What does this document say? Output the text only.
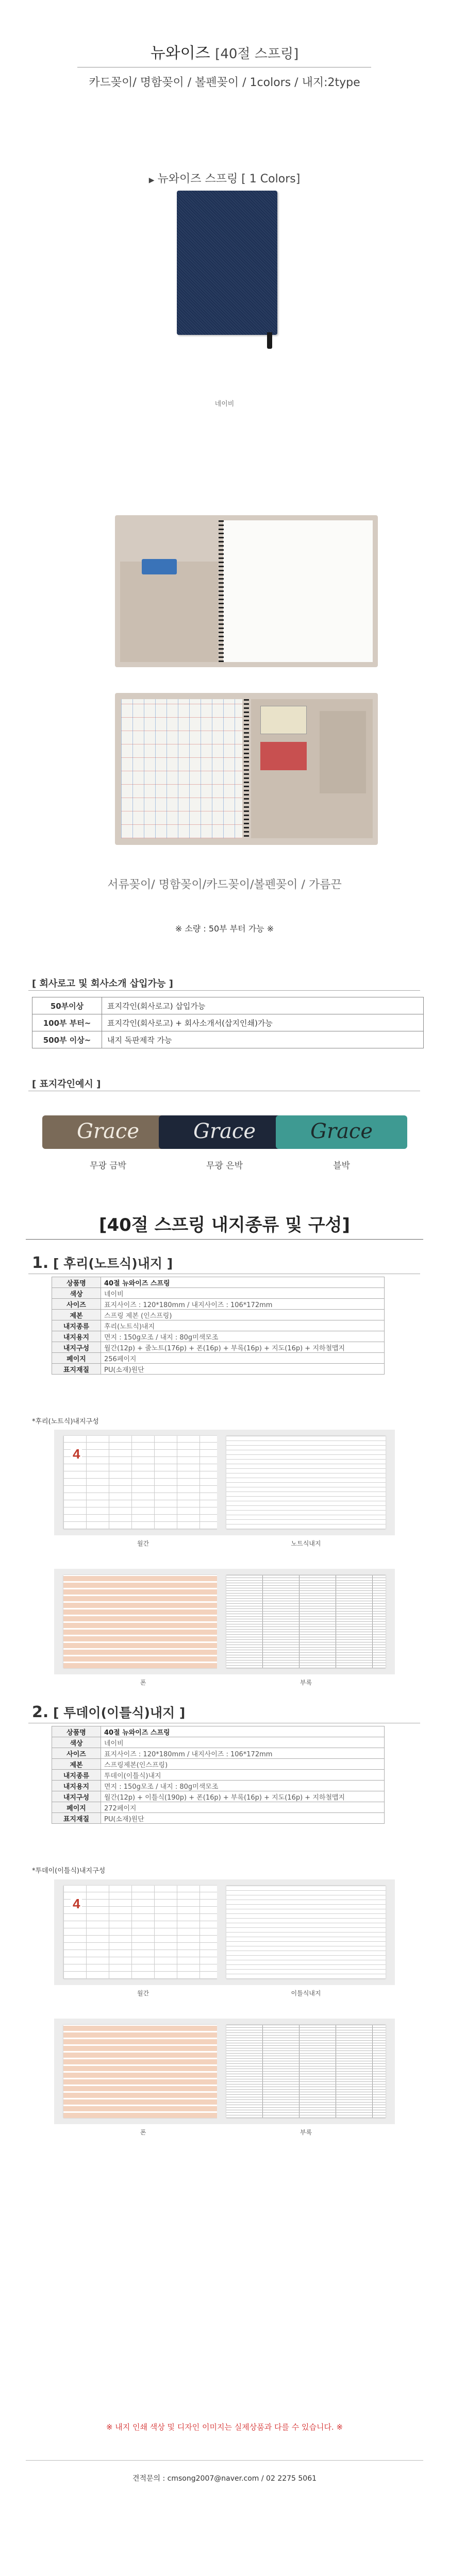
뉴와이즈 [40절 스프링]
카드꽂이/ 명함꽂이 / 볼펜꽂이 / 1colors / 내지:2type
▶ 뉴와이즈 스프링 [ 1 Colors]
네이비
서류꽂이/ 명함꽂이/카드꽂이/볼펜꽂이 / 가름끈
※ 소량 : 50부 부터 가능 ※
[ 회사로고 및 회사소개 삽입가능 ]
50부이상	표지각인(회사로고) 삽입가능
100부 부터~	표지각인(회사로고) + 회사소개서(삽지인쇄)가능
500부 이상~	내지 독판제작 가능
[ 표지각인예시 ]
Grace	Grace	Grace
무광 금박	무광 은박	블박
[40절 스프링 내지종류 및 구성]
1. [ 후리(노트식)내지 ]
상품명	40절 뉴와이즈 스프링
색상	네이비
사이즈	표지사이즈 : 120*180mm / 내지사이즈 : 106*172mm
제본	스프링 제본 (인스프링)
내지종류	후리(노트식)내지
내지용지	면지 : 150g모조 / 내지 : 80g미색모조
내지구성	월간(12p) + 줄노트(176p) + 폰(16p) + 부록(16p) + 지도(16p) + 지하철맵지
페이지	256페이지
표지재질	PU(소재)원단
*후리(노트식)내지구성
4
월간	노트식내지
폰	부록
2. [ 투데이(이틀식)내지 ]
상품명	40절 뉴와이즈 스프링
색상	네이비
사이즈	표지사이즈 : 120*180mm / 내지사이즈 : 106*172mm
제본	스프링제본(인스프링)
내지종류	투데이(이틀식)내지
내지용지	면지 : 150g모조 / 내지 : 80g미색모조
내지구성	월간(12p) + 이틀식(190p) + 폰(16p) + 부록(16p) + 지도(16p) + 지하철맵지
페이지	272페이지
표지재질	PU(소재)원단
*투데이(이틀식)내지구성
4
월간	이틀식내지
폰	부록
※ 내지 인쇄 색상 및 디자인 이미지는 실제상품과 다를 수 있습니다. ※
견적문의 : cmsong2007@naver.com / 02 2275 5061
